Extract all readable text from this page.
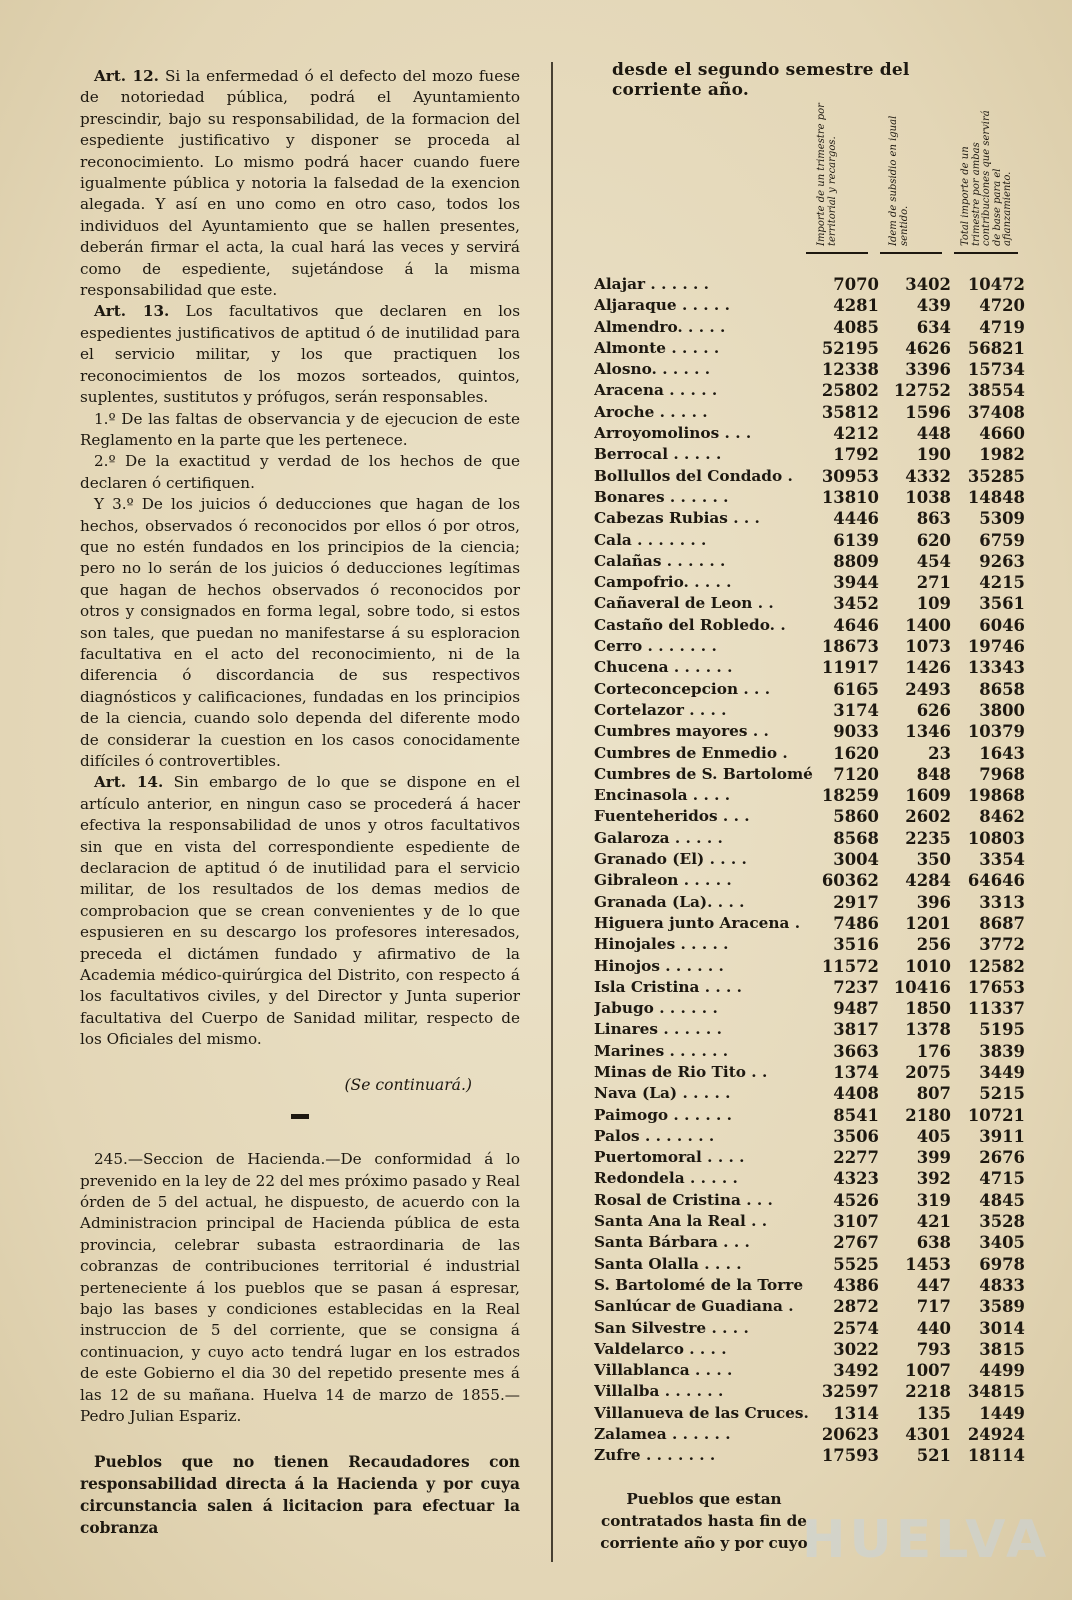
Art. 12. Si la enfermedad ó el defecto del mozo fuese de notoriedad pública, podrá el Ayuntamiento prescindir, bajo su responsabilidad, de la formacion del espediente justificativo y disponer se proceda al reconocimiento. Lo mismo podrá hacer cuando fuere igualmente pública y notoria la falsedad de la exencion alegada. Y así en uno como en otro caso, todos los individuos del Ayuntamiento que se hallen presentes, deberán firmar el acta, la cual hará las veces y servirá como de espediente, sujetándose á la misma responsabilidad que este.

Art. 13. Los facultativos que declaren en los espedientes justificativos de aptitud ó de inutilidad para el servicio militar, y los que practiquen los reconocimientos de los mozos sorteados, quintos, suplentes, sustitutos y prófugos, serán responsables.

1.º De las faltas de observancia y de ejecucion de este Reglamento en la parte que les pertenece.

2.º De la exactitud y verdad de los hechos de que declaren ó certifiquen.

Y 3.º De los juicios ó deducciones que hagan de los hechos, observados ó reconocidos por ellos ó por otros, que no estén fundados en los principios de la ciencia; pero no lo serán de los juicios ó deducciones legítimas que hagan de hechos observados ó reconocidos por otros y consignados en forma legal, sobre todo, si estos son tales, que puedan no manifestarse á su esploracion facultativa en el acto del reconocimiento, ni de la diferencia ó discordancia de sus respectivos diagnósticos y calificaciones, fundadas en los principios de la ciencia, cuando solo dependa del diferente modo de considerar la cuestion en los casos conocidamente difíciles ó controvertibles.

Art. 14. Sin embargo de lo que se dispone en el artículo anterior, en ningun caso se procederá á hacer efectiva la responsabilidad de unos y otros facultativos sin que en vista del correspondiente espediente de declaracion de aptitud ó de inutilidad para el servicio militar, de los resultados de los demas medios de comprobacion que se crean convenientes y de lo que espusieren en su descargo los profesores interesados, preceda el dictámen fundado y afirmativo de la Academia médico-quirúrgica del Distrito, con respecto á los facultativos civiles, y del Director y Junta superior facultativa del Cuerpo de Sanidad militar, respecto de los Oficiales del mismo.

(Se continuará.)

245.—Seccion de Hacienda.—De conformidad á lo prevenido en la ley de 22 del mes próximo pasado y Real órden de 5 del actual, he dispuesto, de acuerdo con la Administracion principal de Hacienda pública de esta provincia, celebrar subasta estraordinaria de las cobranzas de contribuciones territorial é industrial perteneciente á los pueblos que se pasan á espresar, bajo las bases y condiciones establecidas en la Real instruccion de 5 del corriente, que se consigna á continuacion, y cuyo acto tendrá lugar en los estrados de este Gobierno el dia 30 del repetido presente mes á las 12 de su mañana. Huelva 14 de marzo de 1855.—Pedro Julian Espariz.

Pueblos que no tienen Recaudadores con responsabilidad directa á la Hacienda y por cuya circunstancia salen á licitacion para efectuar la cobranza

desde el segundo semestre del corriente año.
Importe de un trimestre por territorial y recargos.	Idem de subsidio en igual sentido.	Total importe de un trimestre por ambas contribuciones que servirá de base para el afianzamiento.
Alajar . . . . . .	7070	3402	10472
Aljaraque . . . . .	4281	439	4720
Almendro. . . . .	4085	634	4719
Almonte . . . . .	52195	4626	56821
Alosno. . . . . .	12338	3396	15734
Aracena . . . . .	25802	12752	38554
Aroche . . . . .	35812	1596	37408
Arroyomolinos . . .	4212	448	4660
Berrocal . . . . .	1792	190	1982
Bollullos del Condado .	30953	4332	35285
Bonares . . . . . .	13810	1038	14848
Cabezas Rubias . . .	4446	863	5309
Cala . . . . . . .	6139	620	6759
Calañas . . . . . .	8809	454	9263
Campofrio. . . . .	3944	271	4215
Cañaveral de Leon . .	3452	109	3561
Castaño del Robledo. .	4646	1400	6046
Cerro . . . . . . .	18673	1073	19746
Chucena . . . . . .	11917	1426	13343
Corteconcepcion . . .	6165	2493	8658
Cortelazor . . . .	3174	626	3800
Cumbres mayores . .	9033	1346	10379
Cumbres de Enmedio .	1620	23	1643
Cumbres de S. Bartolomé	7120	848	7968
Encinasola . . . .	18259	1609	19868
Fuenteheridos . . .	5860	2602	8462
Galaroza . . . . .	8568	2235	10803
Granado (El) . . . .	3004	350	3354
Gibraleon . . . . .	60362	4284	64646
Granada (La). . . .	2917	396	3313
Higuera junto Aracena .	7486	1201	8687
Hinojales . . . . .	3516	256	3772
Hinojos . . . . . .	11572	1010	12582
Isla Cristina . . . .	7237	10416	17653
Jabugo . . . . . .	9487	1850	11337
Linares . . . . . .	3817	1378	5195
Marines . . . . . .	3663	176	3839
Minas de Rio Tito . .	1374	2075	3449
Nava (La) . . . . .	4408	807	5215
Paimogo . . . . . .	8541	2180	10721
Palos . . . . . . .	3506	405	3911
Puertomoral . . . .	2277	399	2676
Redondela . . . . .	4323	392	4715
Rosal de Cristina . . .	4526	319	4845
Santa Ana la Real . .	3107	421	3528
Santa Bárbara . . .	2767	638	3405
Santa Olalla . . . .	5525	1453	6978
S. Bartolomé de la Torre	4386	447	4833
Sanlúcar de Guadiana .	2872	717	3589
San Silvestre . . . .	2574	440	3014
Valdelarco . . . .	3022	793	3815
Villablanca . . . .	3492	1007	4499
Villalba . . . . . .	32597	2218	34815
Villanueva de las Cruces.	1314	135	1449
Zalamea . . . . . .	20623	4301	24924
Zufre . . . . . . .	17593	521	18114
Pueblos que estan contratados hasta fin de corriente año y por cuyo
HUELVA
